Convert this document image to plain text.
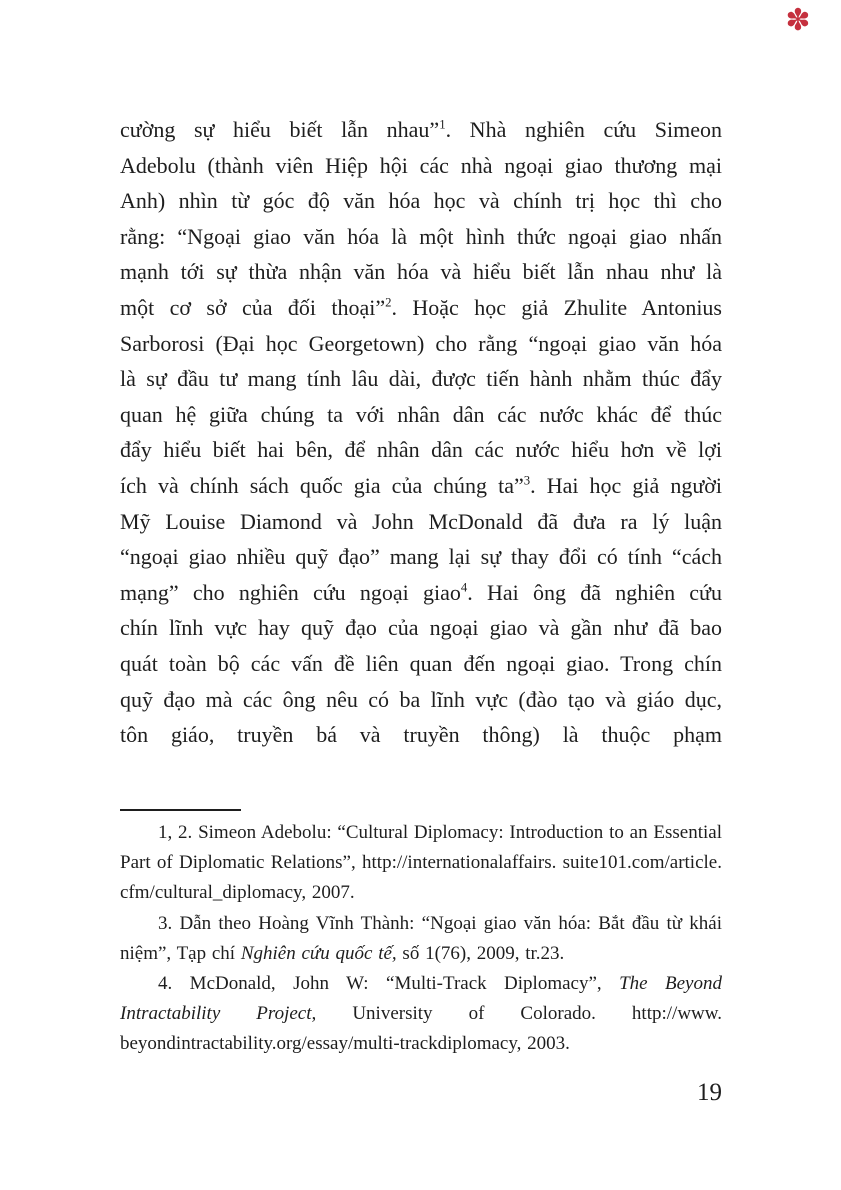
✽

cường sự hiểu biết lẫn nhau”$^1$. Nhà nghiên cứu Simeon Adebolu (thành viên Hiệp hội các nhà ngoại giao thương mại Anh) nhìn từ góc độ văn hóa học và chính trị học thì cho rằng: “Ngoại giao văn hóa là một hình thức ngoại giao nhấn mạnh tới sự thừa nhận văn hóa và hiểu biết lẫn nhau như là một cơ sở của đối thoại”$^2$. Hoặc học giả Zhulite Antonius Sarborosi (Đại học Georgetown) cho rằng “ngoại giao văn hóa là sự đầu tư mang tính lâu dài, được tiến hành nhằm thúc đẩy quan hệ giữa chúng ta với nhân dân các nước khác để thúc đẩy hiểu biết hai bên, để nhân dân các nước hiểu hơn về lợi ích và chính sách quốc gia của chúng ta”$^3$. Hai học giả người Mỹ Louise Diamond và John McDonald đã đưa ra lý luận “ngoại giao nhiều quỹ đạo” mang lại sự thay đổi có tính “cách mạng” cho nghiên cứu ngoại giao$^4$. Hai ông đã nghiên cứu chín lĩnh vực hay quỹ đạo của ngoại giao và gần như đã bao quát toàn bộ các vấn đề liên quan đến ngoại giao. Trong chín quỹ đạo mà các ông nêu có ba lĩnh vực (đào tạo và giáo dục, tôn giáo, truyền bá và truyền thông) là thuộc phạm

1, 2. Simeon Adebolu: “Cultural Diplomacy: Introduction to an Essential Part of Diplomatic Relations”, http://internationalaffairs. suite101.com/article. cfm/cultural_diplomacy, 2007.

3. Dẫn theo Hoàng Vĩnh Thành: “Ngoại giao văn hóa: Bắt đầu từ khái niệm”, Tạp chí Nghiên cứu quốc tế, số 1(76), 2009, tr.23.

4. McDonald, John W: “Multi-Track Diplomacy”, The Beyond Intractability Project, University of Colorado. http://www. beyondintractability.org/essay/multi-trackdiplomacy, 2003.

19
